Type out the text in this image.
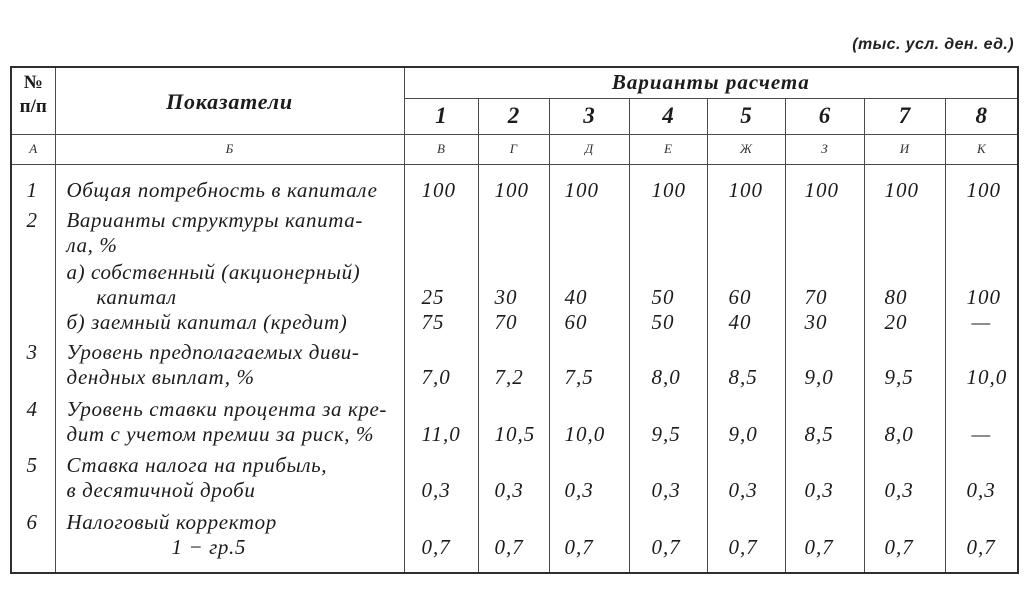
(тыс. усл. ден. ед.)
№
п/п	Показатели	Варианты расчета							
		1	2	3	4	5	6	7	8
А	Б	В	Г	Д	Е	Ж	З	И	К
1	Общая потребность в капитале	100	100	100	100	100	100	100	100
2	Варианты структуры капита-
ла, %								

	а) собственный (акционерный)
капитал	25	30	40	50	60	70	80	100

	б) заемный капитал (кредит)	75	70	60	50	40	30	20	—
3	Уровень предполагаемых диви-
дендных выплат, %	7,0	7,2	7,5	8,0	8,5	9,0	9,5	10,0
4	Уровень ставки процента за кре-
дит с учетом премии за риск, %	11,0	10,5	10,0	9,5	9,0	8,5	8,0	—
5	Ставка налога на прибыль,
в десятичной дроби	0,3	0,3	0,3	0,3	0,3	0,3	0,3	0,3
6	Налоговый корректор
1 − гр.5	0,7	0,7	0,7	0,7	0,7	0,7	0,7	0,7
